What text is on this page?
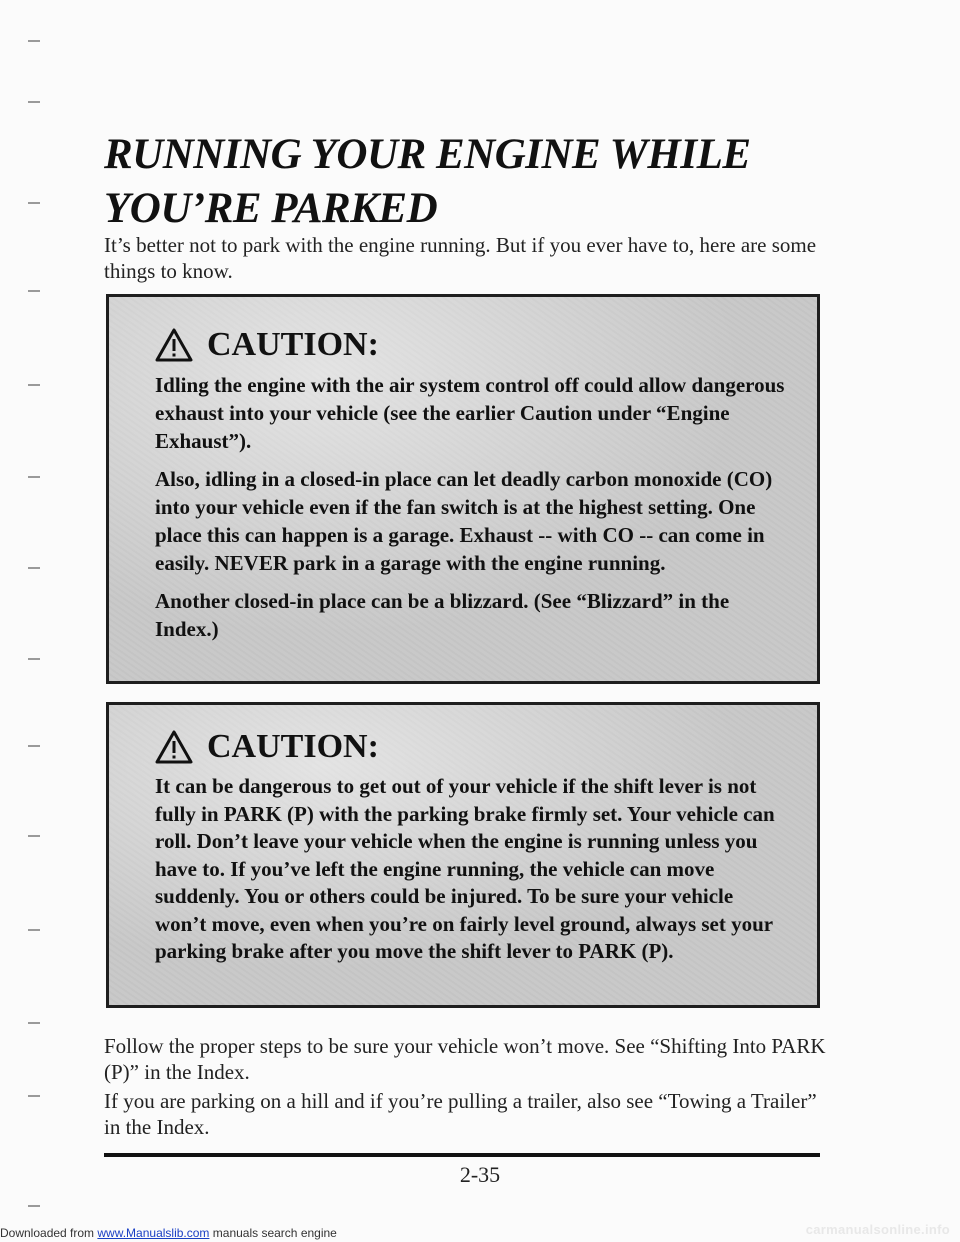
RUNNING YOUR ENGINE WHILE YOU’RE PARKED

It’s better not to park with the engine running. But if you ever have to, here are some things to know.

CAUTION:

Idling the engine with the air system control off could allow dangerous exhaust into your vehicle (see the earlier Caution under “Engine Exhaust”).

Also, idling in a closed-in place can let deadly carbon monoxide (CO) into your vehicle even if the fan switch is at the highest setting. One place this can happen is a garage. Exhaust -- with CO -- can come in easily. NEVER park in a garage with the engine running.

Another closed-in place can be a blizzard. (See “Blizzard” in the Index.)

CAUTION:

It can be dangerous to get out of your vehicle if the shift lever is not fully in PARK (P) with the parking brake firmly set. Your vehicle can roll. Don’t leave your vehicle when the engine is running unless you have to. If you’ve left the engine running, the vehicle can move suddenly. You or others could be injured. To be sure your vehicle won’t move, even when you’re on fairly level ground, always set your parking brake after you move the shift lever to PARK (P).

Follow the proper steps to be sure your vehicle won’t move. See “Shifting Into PARK (P)” in the Index.

If you are parking on a hill and if you’re pulling a trailer, also see “Towing a Trailer” in the Index.

2-35
Downloaded from www.Manualslib.com manuals search engine	carmanualsonline.info
